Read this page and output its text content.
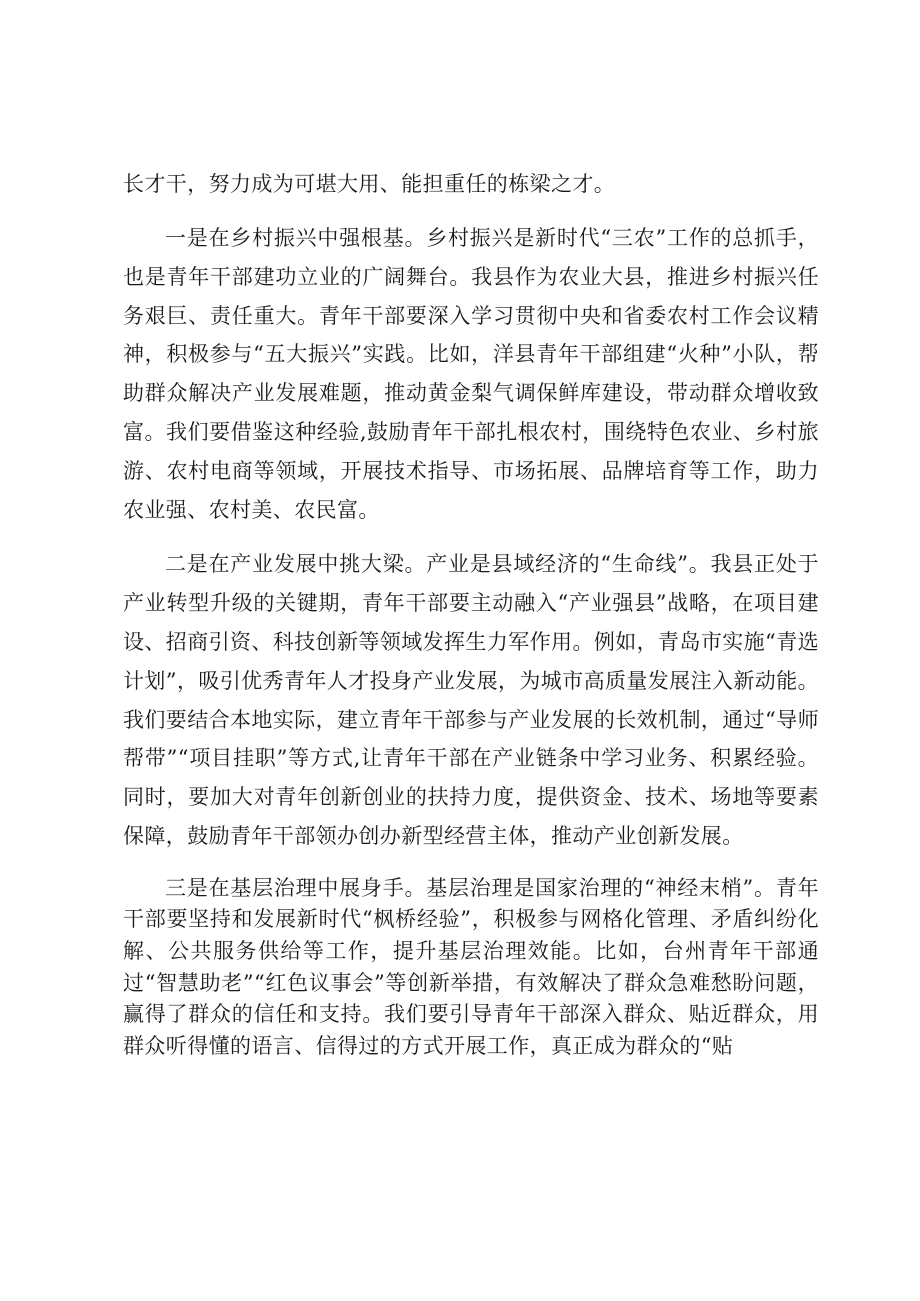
长才干，努力成为可堪大用、能担重任的栋梁之才。

一是在乡村振兴中强根基。乡村振兴是新时代“三农”工作的总抓手，也是青年干部建功立业的广阔舞台。我县作为农业大县，推进乡村振兴任务艰巨、责任重大。青年干部要深入学习贯彻中央和省委农村工作会议精神，积极参与“五大振兴”实践。比如，洋县青年干部组建“火种”小队，帮助群众解决产业发展难题，推动黄金梨气调保鲜库建设，带动群众增收致富。我们要借鉴这种经验,鼓励青年干部扎根农村，围绕特色农业、乡村旅游、农村电商等领域，开展技术指导、市场拓展、品牌培育等工作，助力农业强、农村美、农民富。

二是在产业发展中挑大梁。产业是县域经济的“生命线”。我县正处于产业转型升级的关键期，青年干部要主动融入“产业强县”战略，在项目建设、招商引资、科技创新等领域发挥生力军作用。例如，青岛市实施“青选计划”，吸引优秀青年人才投身产业发展，为城市高质量发展注入新动能。我们要结合本地实际，建立青年干部参与产业发展的长效机制，通过“导师帮带”“项目挂职”等方式,让青年干部在产业链条中学习业务、积累经验。同时，要加大对青年创新创业的扶持力度，提供资金、技术、场地等要素保障，鼓励青年干部领办创办新型经营主体，推动产业创新发展。

三是在基层治理中展身手。基层治理是国家治理的“神经末梢”。青年干部要坚持和发展新时代“枫桥经验”，积极参与网格化管理、矛盾纠纷化解、公共服务供给等工作，提升基层治理效能。比如，台州青年干部通过“智慧助老”“红色议事会”等创新举措，有效解决了群众急难愁盼问题，赢得了群众的信任和支持。我们要引导青年干部深入群众、贴近群众，用群众听得懂的语言、信得过的方式开展工作，真正成为群众的“贴
